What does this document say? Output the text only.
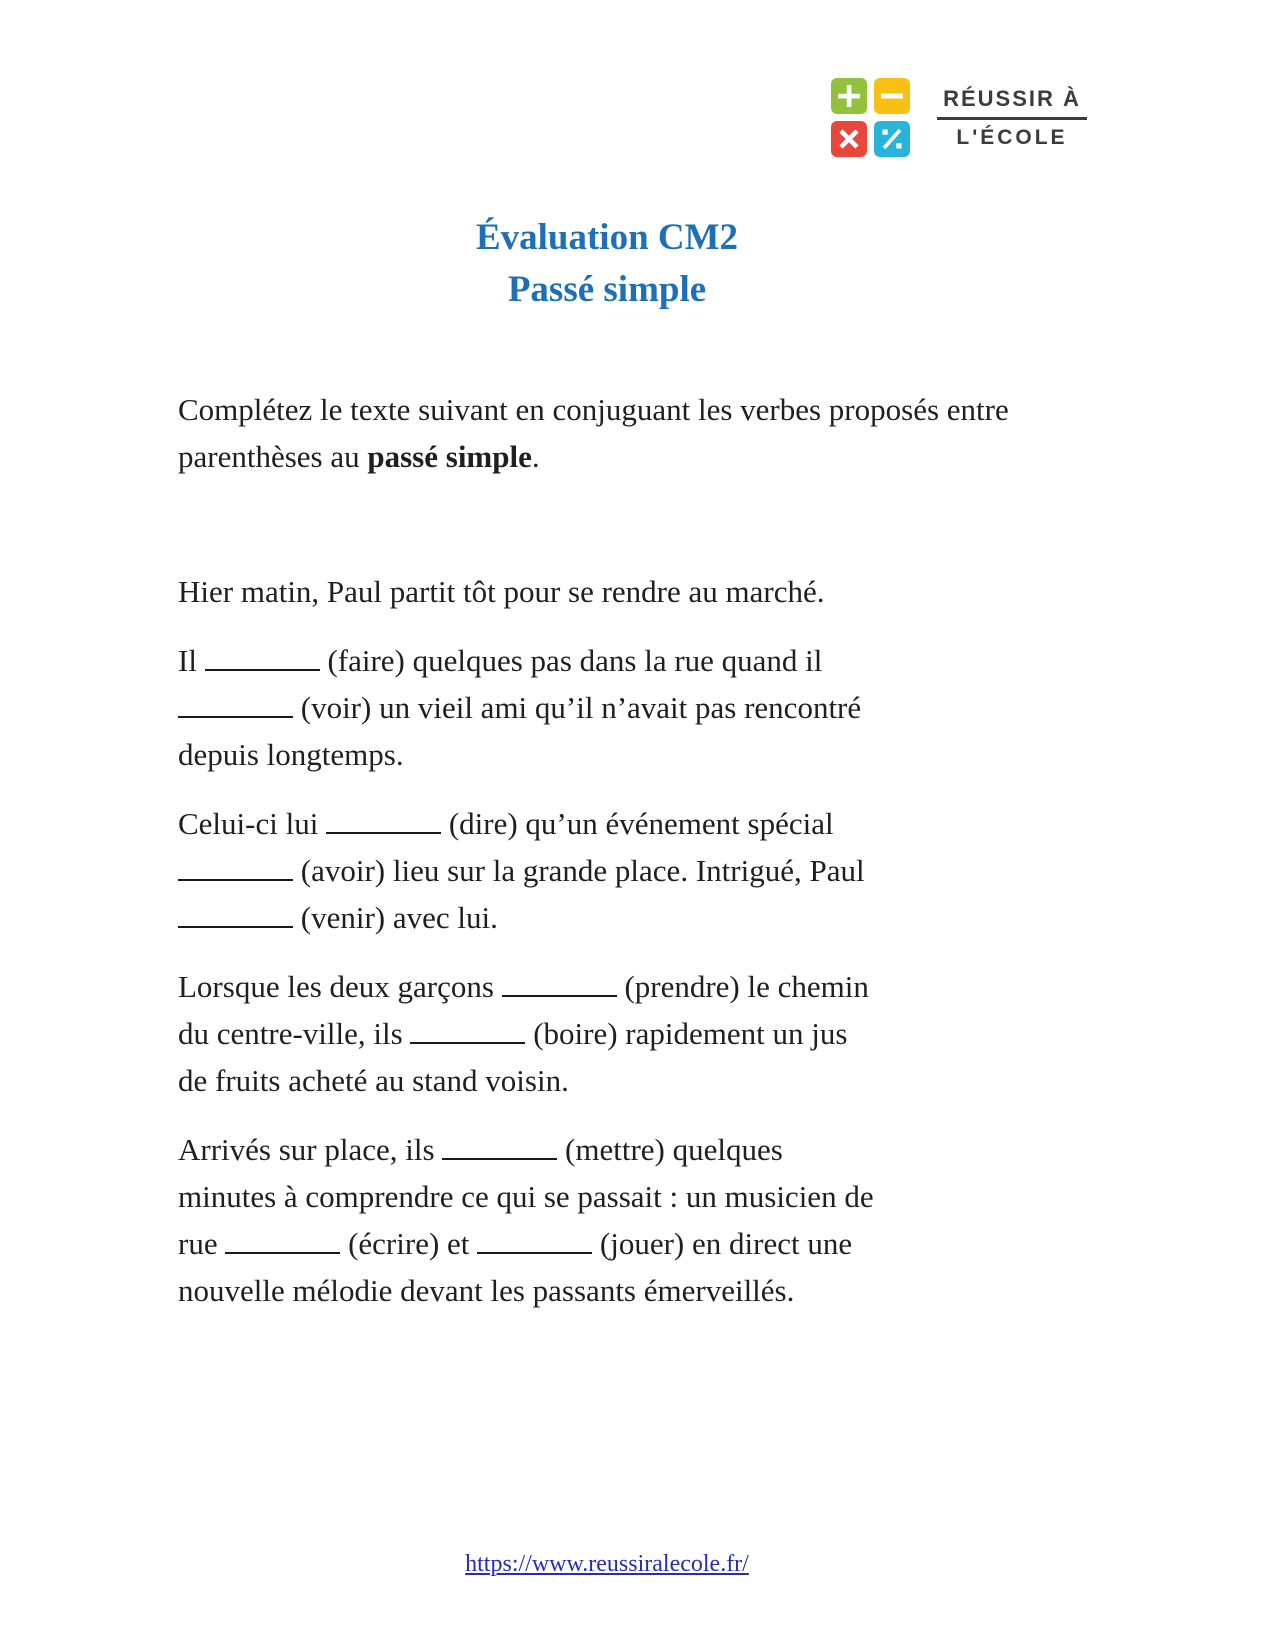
RÉUSSIR À
L'ÉCOLE
Évaluation CM2
Passé simple

Complétez le texte suivant en conjuguant les verbes proposés entre parenthèses au passé simple.

Hier matin, Paul partit tôt pour se rendre au marché.

Il	(faire) quelques pas dans la rue quand il
(voir) un vieil ami qu’il n’avait pas rencontré
depuis longtemps.

Celui-ci lui	(dire) qu’un événement spécial
(avoir) lieu sur la grande place. Intrigué, Paul
(venir) avec lui.

Lorsque les deux garçons	(prendre) le chemin
du centre-ville, ils	(boire) rapidement un jus
de fruits acheté au stand voisin.

Arrivés sur place, ils	(mettre) quelques
minutes à comprendre ce qui se passait : un musicien de
rue	(écrire) et	(jouer) en direct une
nouvelle mélodie devant les passants émerveillés.

https://www.reussiralecole.fr/
